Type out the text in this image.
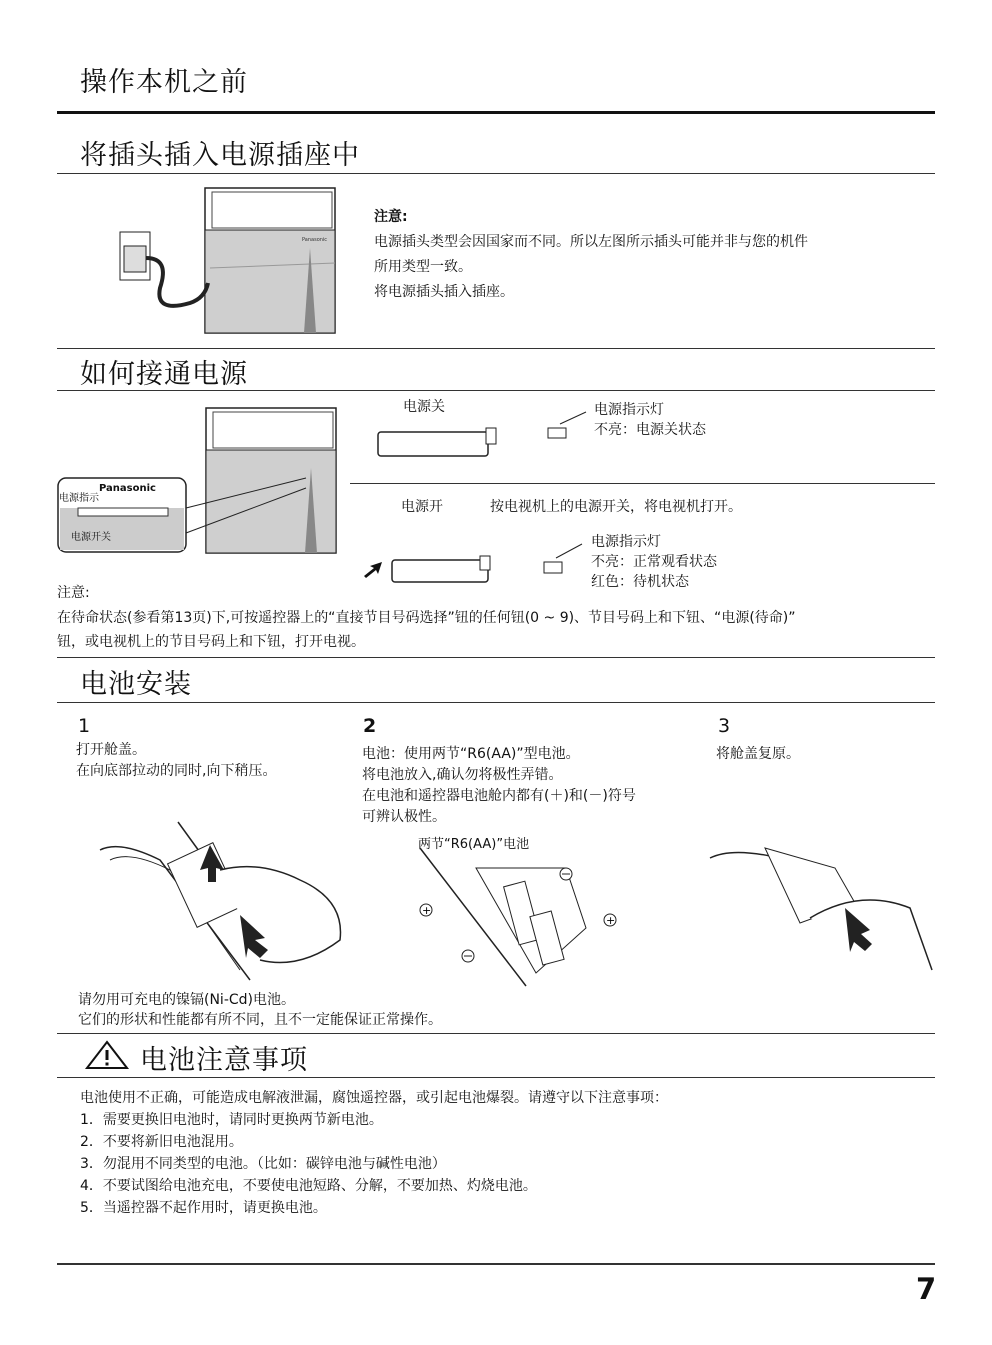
操作本机之前
将插头插入电源插座中
Panasonic
注意:
电源插头类型会因国家而不同。所以左图所示插头可能并非与您的机件
所用类型一致。
将电源插头插入插座。
如何接通电源
Panasonic
电源指示
电源开关
电源关	电源指示灯
不亮：电源关状态
电源开	按电视机上的电源开关，将电视机打开。
电源指示灯
不亮：正常观看状态
红色：待机状态
注意:
在待命状态(参看第13页)下,可按遥控器上的“直接节目号码选择”钮的任何钮(0 ~ 9)、节目号码上和下钮、“电源(待命)”
钮，或电视机上的节目号码上和下钮，打开电视。
电池安装
1
打开舱盖。
在向底部拉动的同时,向下稍压。
2
电池：使用两节“R6(AA)”型电池。
将电池放入,确认勿将极性弄错。
在电池和遥控器电池舱内都有(＋)和(－)符号
可辨认极性。
3
将舱盖复原。
两节“R6(AA)”电池
+
+
请勿用可充电的镍镉(Ni-Cd)电池。
它们的形状和性能都有所不同，且不一定能保证正常操作。
电池注意事项
电池使用不正确，可能造成电解液泄漏，腐蚀遥控器，或引起电池爆裂。请遵守以下注意事项：
1．需要更换旧电池时，请同时更换两节新电池。
2．不要将新旧电池混用。
3．勿混用不同类型的电池。（比如：碳锌电池与碱性电池）
4．不要试图给电池充电，不要使电池短路、分解，不要加热、灼烧电池。
5．当遥控器不起作用时，请更换电池。
7
